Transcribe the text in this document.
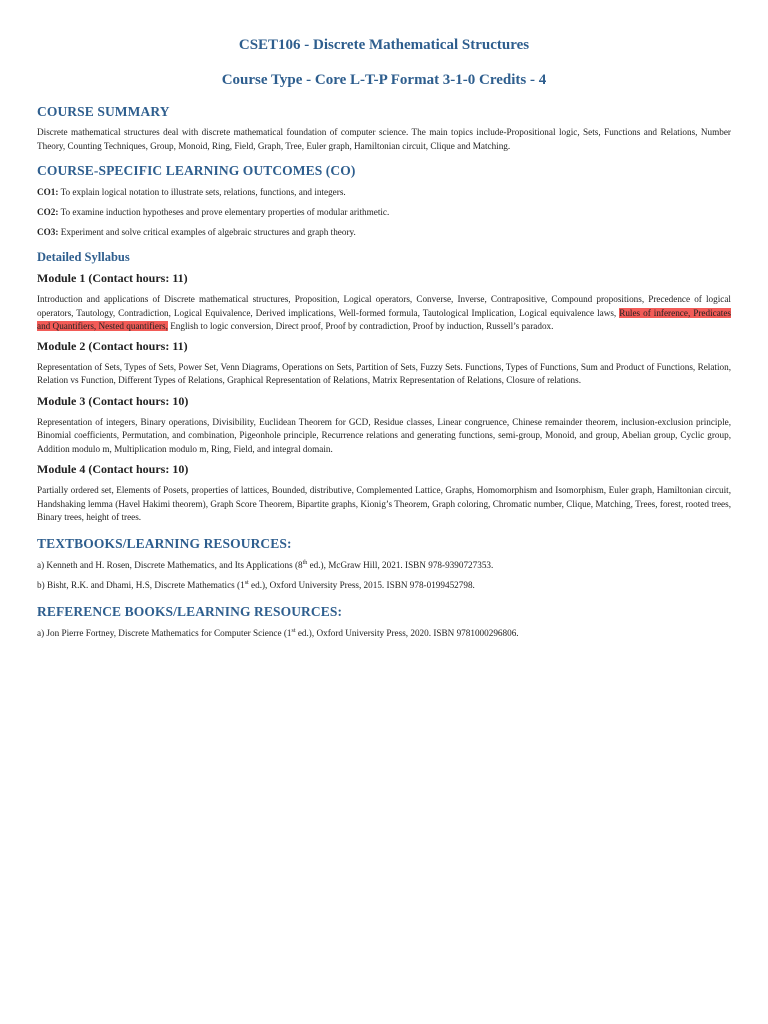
CSET106 - Discrete Mathematical Structures
Course Type - Core L-T-P Format 3-1-0 Credits - 4
COURSE SUMMARY

Discrete mathematical structures deal with discrete mathematical foundation of computer science. The main topics include-Propositional logic, Sets, Functions and Relations, Number Theory, Counting Techniques, Group, Monoid, Ring, Field, Graph, Tree, Euler graph, Hamiltonian circuit, Clique and Matching.

COURSE-SPECIFIC LEARNING OUTCOMES (CO)

CO1: To explain logical notation to illustrate sets, relations, functions, and integers.

CO2: To examine induction hypotheses and prove elementary properties of modular arithmetic.

CO3: Experiment and solve critical examples of algebraic structures and graph theory.

Detailed Syllabus
Module 1 (Contact hours: 11)

Introduction and applications of Discrete mathematical structures, Proposition, Logical operators, Converse, Inverse, Contrapositive, Compound propositions, Precedence of logical operators, Tautology, Contradiction, Logical Equivalence, Derived implications, Well-formed formula, Tautological Implication, Logical equivalence laws, Rules of inference, Predicates and Quantifiers, Nested quantifiers, English to logic conversion, Direct proof, Proof by contradiction, Proof by induction, Russell’s paradox.

Module 2 (Contact hours: 11)

Representation of Sets, Types of Sets, Power Set, Venn Diagrams, Operations on Sets, Partition of Sets, Fuzzy Sets. Functions, Types of Functions, Sum and Product of Functions, Relation, Relation vs Function, Different Types of Relations, Graphical Representation of Relations, Matrix Representation of Relations, Closure of relations.

Module 3 (Contact hours: 10)

Representation of integers, Binary operations, Divisibility, Euclidean Theorem for GCD, Residue classes, Linear congruence, Chinese remainder theorem, inclusion-exclusion principle, Binomial coefficients, Permutation, and combination, Pigeonhole principle, Recurrence relations and generating functions, semi-group, Monoid, and group, Abelian group, Cyclic group, Addition modulo m, Multiplication modulo m, Ring, Field, and integral domain.

Module 4 (Contact hours: 10)

Partially ordered set, Elements of Posets, properties of lattices, Bounded, distributive, Complemented Lattice, Graphs, Homomorphism and Isomorphism, Euler graph, Hamiltonian circuit, Handshaking lemma (Havel Hakimi theorem), Graph Score Theorem, Bipartite graphs, Kionig’s Theorem, Graph coloring, Chromatic number, Clique, Matching, Trees, forest, rooted trees, Binary trees, height of trees.

TEXTBOOKS/LEARNING RESOURCES:

a) Kenneth and H. Rosen, Discrete Mathematics, and Its Applications (8th ed.), McGraw Hill, 2021. ISBN 978-9390727353.

b) Bisht, R.K. and Dhami, H.S, Discrete Mathematics (1st ed.), Oxford University Press, 2015. ISBN 978-0199452798.

REFERENCE BOOKS/LEARNING RESOURCES:

a) Jon Pierre Fortney, Discrete Mathematics for Computer Science (1st ed.), Oxford University Press, 2020. ISBN 9781000296806.
